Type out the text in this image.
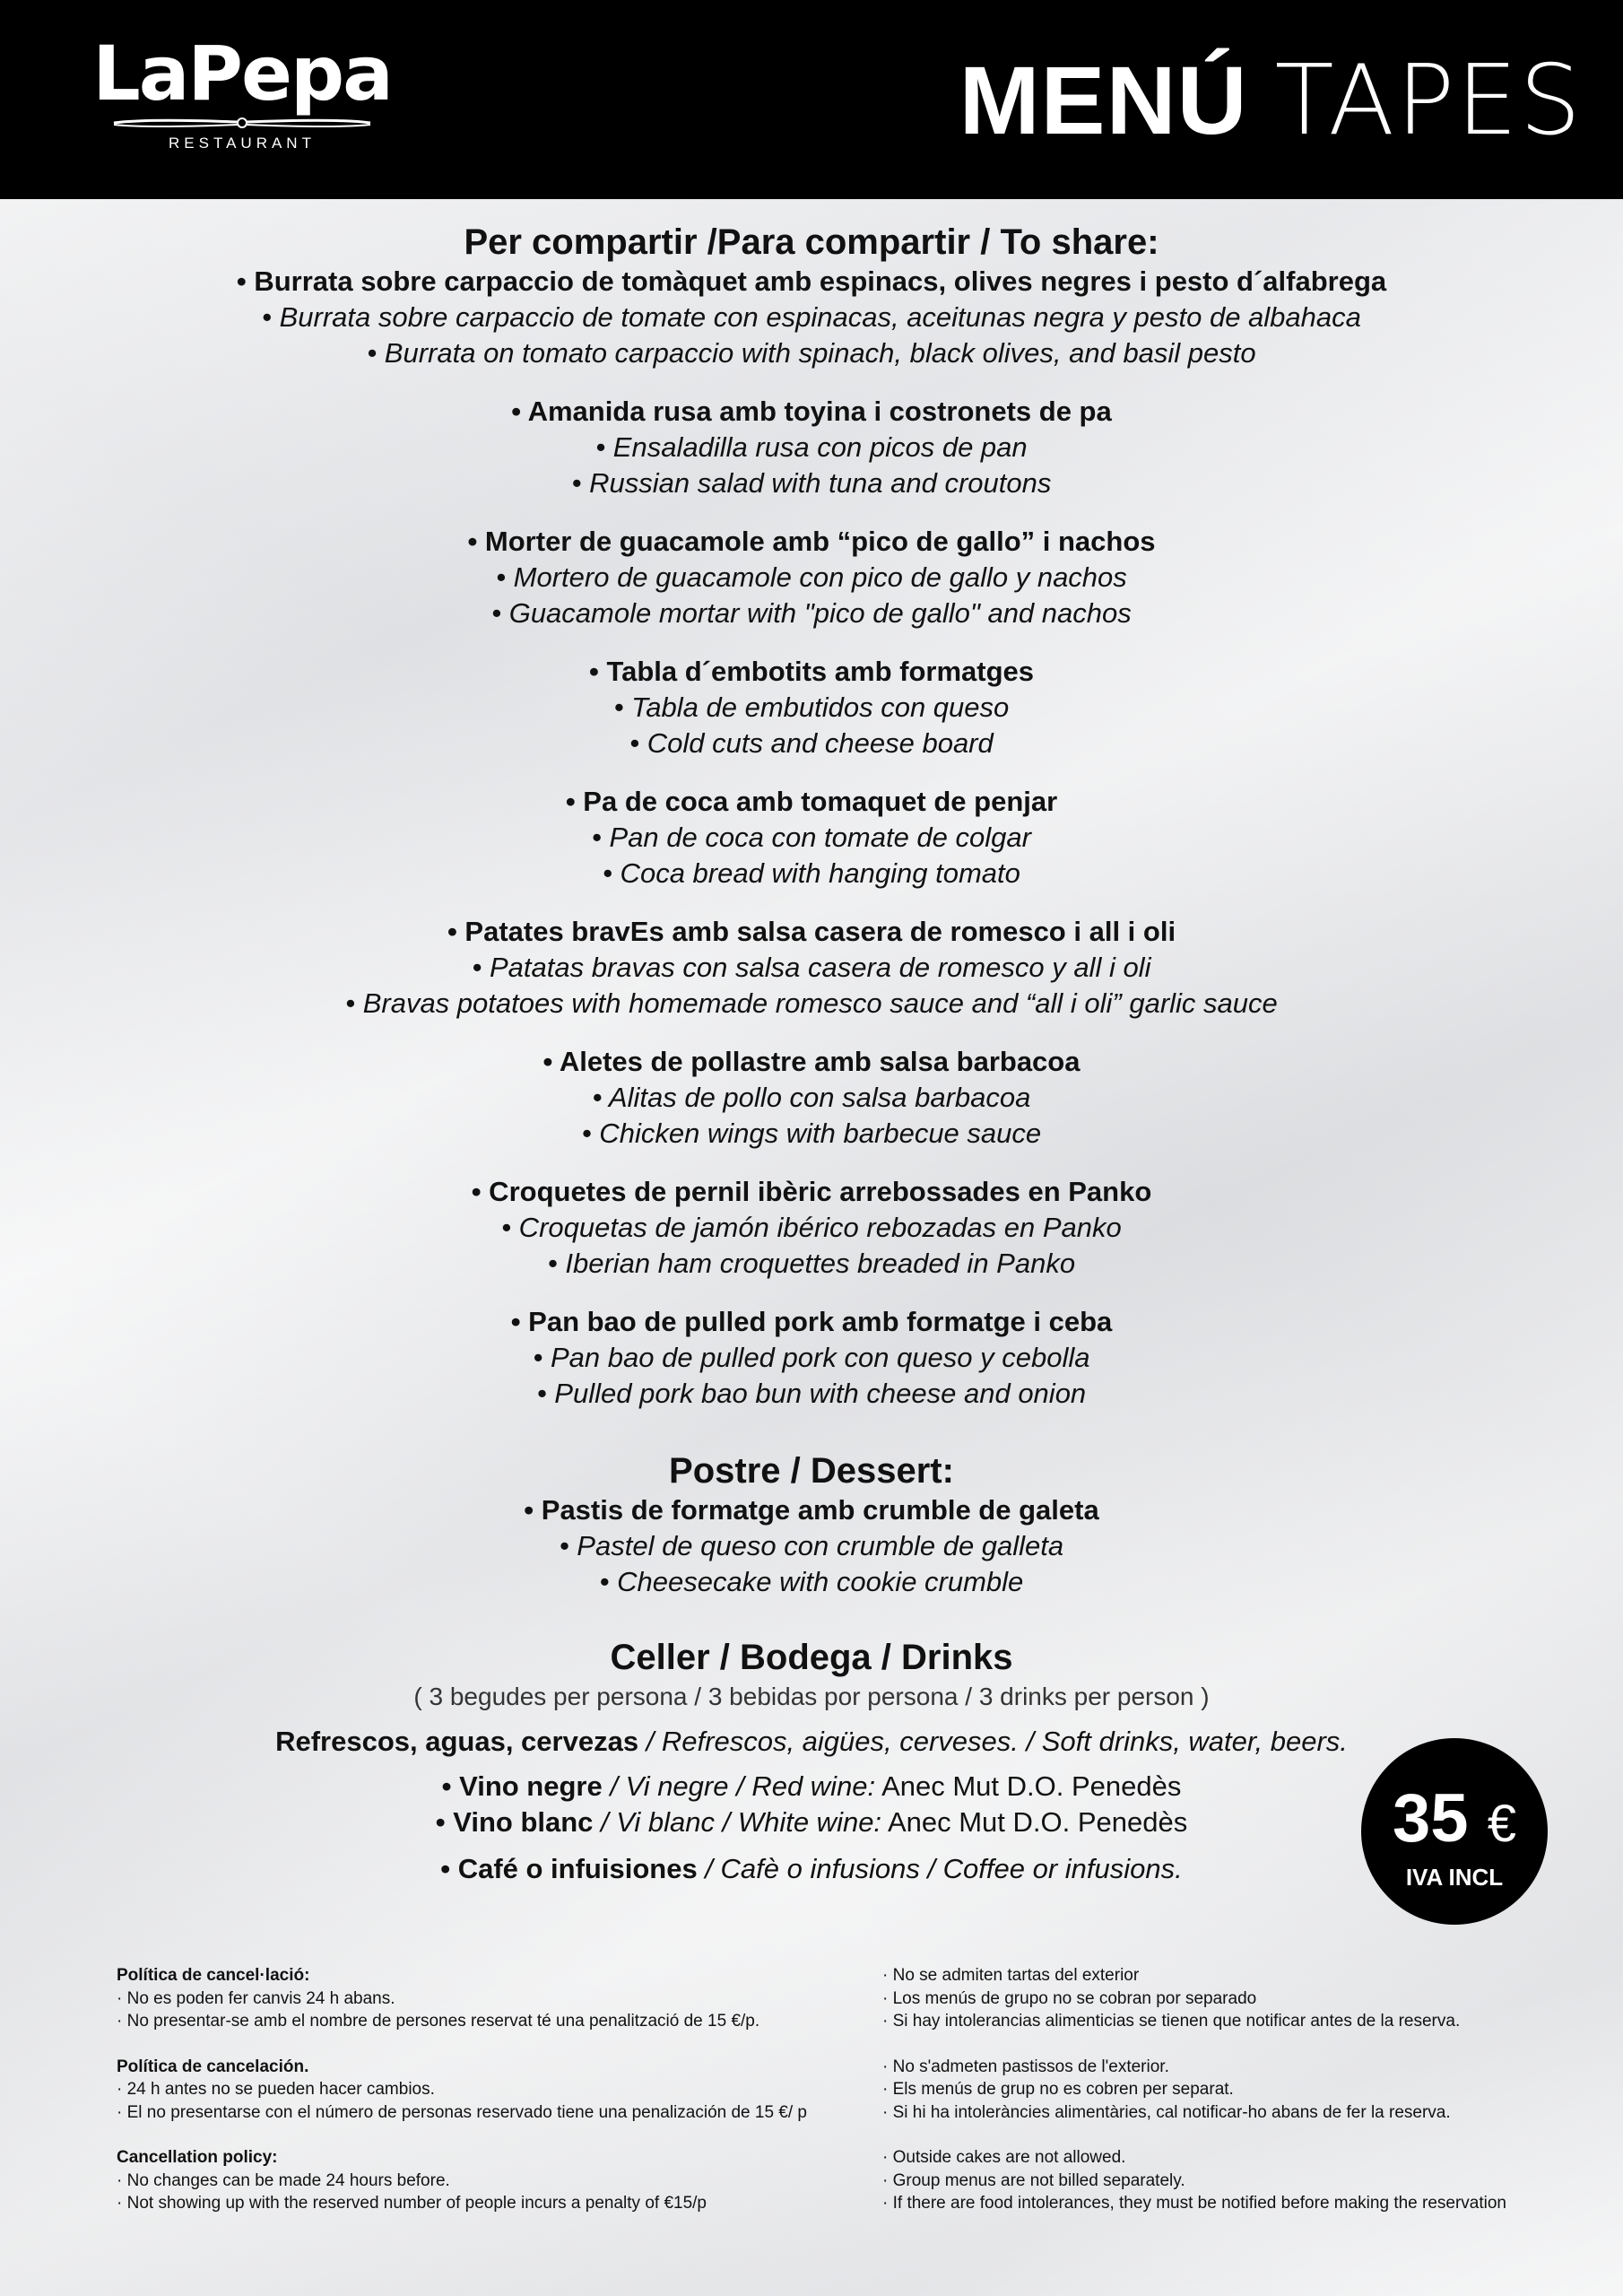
LaPepa
RESTAURANT	MENÚ TAPES
Per compartir /Para compartir / To share:
• Burrata sobre carpaccio de tomàquet amb espinacs, olives negres i pesto d´alfabrega
• Burrata sobre carpaccio de tomate con espinacas, aceitunas negra y pesto de albahaca
• Burrata on tomato carpaccio with spinach, black olives, and basil pesto
• Amanida rusa amb toyina i costronets de pa
• Ensaladilla rusa con picos de pan
• Russian salad with tuna and croutons
• Morter de guacamole amb “pico de gallo” i nachos
• Mortero de guacamole con pico de gallo y nachos
• Guacamole mortar with "pico de gallo" and nachos
• Tabla d´embotits amb formatges
• Tabla de embutidos con queso
• Cold cuts and cheese board
• Pa de coca amb tomaquet de penjar
• Pan de coca con tomate de colgar
• Coca bread with hanging tomato
• Patates bravEs amb salsa casera de romesco i all i oli
• Patatas bravas con salsa casera de romesco y all i oli
• Bravas potatoes with homemade romesco sauce and “all i oli” garlic sauce
• Aletes de pollastre amb salsa barbacoa
• Alitas de pollo con salsa barbacoa
• Chicken wings with barbecue sauce
• Croquetes de pernil ibèric arrebossades en Panko
• Croquetas de jamón ibérico rebozadas en Panko
• Iberian ham croquettes breaded in Panko
• Pan bao de pulled pork amb formatge i ceba
• Pan bao de pulled pork con queso y cebolla
• Pulled pork bao bun with cheese and onion
Postre / Dessert:
• Pastis de formatge amb crumble de galeta
• Pastel de queso con crumble de galleta
• Cheesecake with cookie crumble
Celler / Bodega / Drinks
( 3 begudes per persona / 3 bebidas por persona / 3 drinks per person )
Refrescos, aguas, cervezas / Refrescos, aigües, cerveses. / Soft drinks, water, beers.
• Vino negre / Vi negre / Red wine: Anec Mut D.O. Penedès
• Vino blanc / Vi blanc / White wine: Anec Mut D.O. Penedès
• Café o infuisiones / Cafè o infusions / Coffee or infusions.
35 €
IVA INCL
Política de cancel·lació:
· No es poden fer canvis 24 h abans.
· No presentar-se amb el nombre de persones reservat té una penalització de 15 €/p.
Política de cancelación.
· 24 h antes no se pueden hacer cambios.
· El no presentarse con el número de personas reservado tiene una penalización de 15 €/ p
Cancellation policy:
· No changes can be made 24 hours before.
· Not showing up with the reserved number of people incurs a penalty of €15/p
· No se admiten tartas del exterior
· Los menús de grupo no se cobran por separado
· Si hay intolerancias alimenticias se tienen que notificar antes de la reserva.
· No s'admeten pastissos de l'exterior.
· Els menús de grup no es cobren per separat.
· Si hi ha intoleràncies alimentàries, cal notificar-ho abans de fer la reserva.
· Outside cakes are not allowed.
· Group menus are not billed separately.
· If there are food intolerances, they must be notified before making the reservation
